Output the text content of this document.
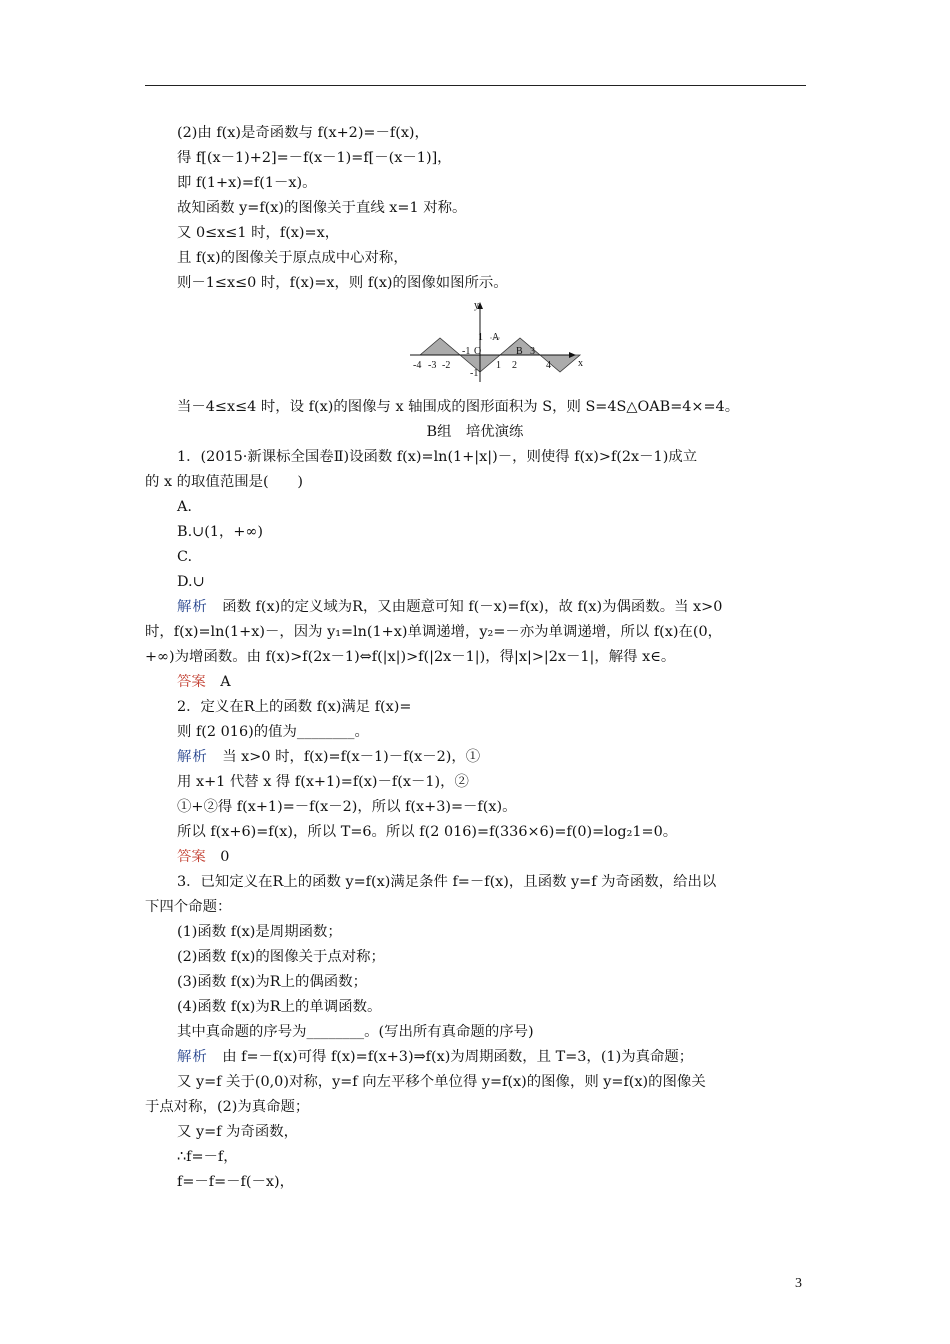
(2)由 f(x)是奇函数与 f(x+2)=－f(x)，
得 f[(x－1)+2]=－f(x－1)=f[－(x－1)]，
即 f(1+x)=f(1－x)。
故知函数 y=f(x)的图像关于直线 x=1 对称。
又 0≤x≤1 时，f(x)=x，
且 f(x)的图像关于原点成中心对称，
则－1≤x≤0 时，f(x)=x，则 f(x)的图像如图所示。
x
y
O
A
B
1
-1
1 2
3
4
-1
-2
-3
-4
当－4≤x≤4 时，设 f(x)的图像与 x 轴围成的图形面积为 S，则 S=4S△OAB=4×=4。
B组　培优演练
1．(2015·新课标全国卷Ⅱ)设函数 f(x)=ln(1+|x|)－，则使得 f(x)>f(2x－1)成立
的 x 的取值范围是(　　)
A.
B.∪(1，+∞)
C.
D.∪
解析　 函数 f(x)的定义域为R，又由题意可知 f(－x)=f(x)，故 f(x)为偶函数。当 x>0
时，f(x)=ln(1+x)－，因为 y₁=ln(1+x)单调递增，y₂=－亦为单调递增，所以 f(x)在(0，
+∞)为增函数。由 f(x)>f(2x－1)⇔f(|x|)>f(|2x－1|)，得|x|>|2x－1|，解得 x∈。
答案　 A
2．定义在R上的函数 f(x)满足 f(x)=
则 f(2 016)的值为________。
解析　 当 x>0 时，f(x)=f(x－1)－f(x－2)，①
用 x+1 代替 x 得 f(x+1)=f(x)－f(x－1)，②
①+②得 f(x+1)=－f(x－2)，所以 f(x+3)=－f(x)。
所以 f(x+6)=f(x)，所以 T=6。所以 f(2 016)=f(336×6)=f(0)=log₂1=0。
答案　 0
3．已知定义在R上的函数 y=f(x)满足条件 f=－f(x)，且函数 y=f 为奇函数，给出以
下四个命题：
(1)函数 f(x)是周期函数；
(2)函数 f(x)的图像关于点对称；
(3)函数 f(x)为R上的偶函数；
(4)函数 f(x)为R上的单调函数。
其中真命题的序号为________。(写出所有真命题的序号)
解析　 由 f=－f(x)可得 f(x)=f(x+3)⇒f(x)为周期函数，且 T=3，(1)为真命题；
又 y=f 关于(0,0)对称，y=f 向左平移个单位得 y=f(x)的图像，则 y=f(x)的图像关
于点对称，(2)为真命题；
又 y=f 为奇函数，
∴f=－f，
f=－f=－f(－x)，
3
